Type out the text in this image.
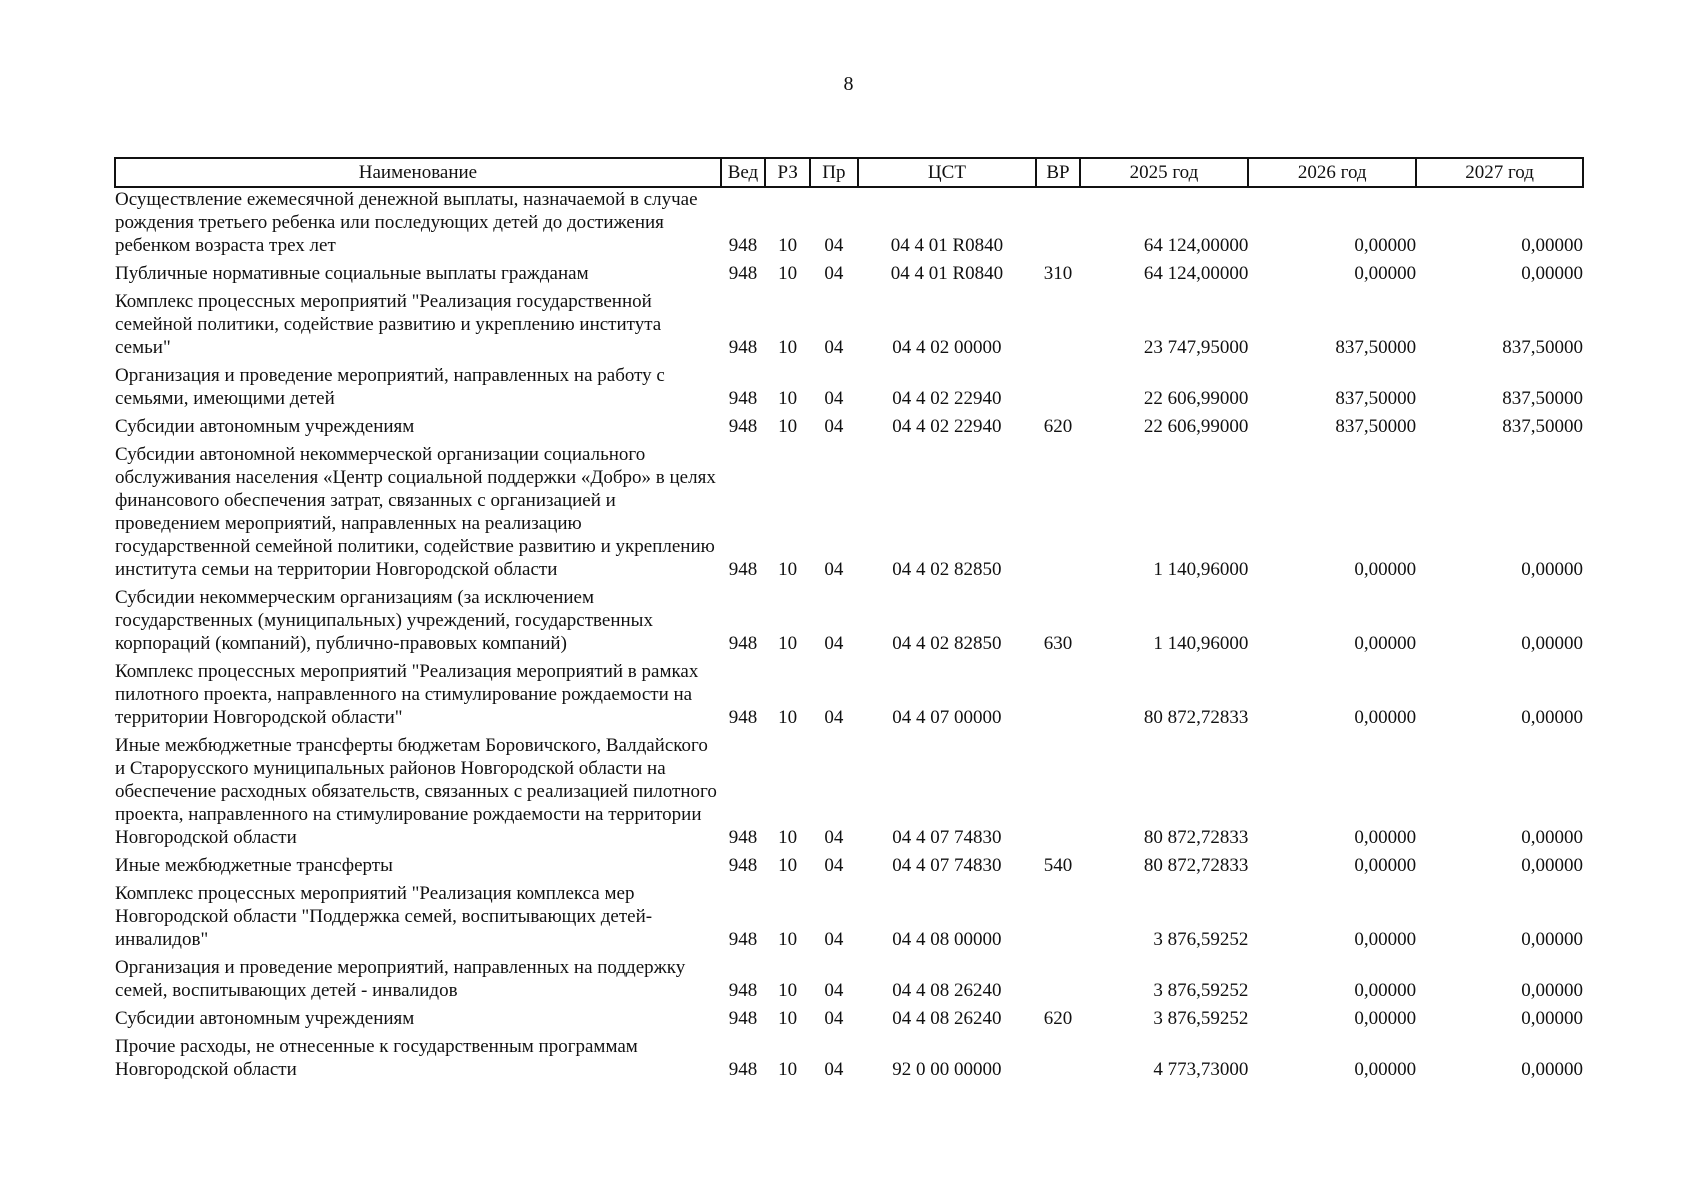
8
Наименование	Вед	РЗ	Пр	ЦСТ	ВР	2025 год	2026 год	2027 год
Осуществление ежемесячной денежной выплаты, назначаемой в случае рождения третьего ребенка или последующих детей до достижения ребенком возраста трех лет	948	10	04	04 4 01 R0840		64 124,00000	0,00000	0,00000
Публичные нормативные социальные выплаты гражданам	948	10	04	04 4 01 R0840	310	64 124,00000	0,00000	0,00000
Комплекс процессных мероприятий "Реализация государственной семейной политики, содействие развитию и укреплению института семьи"	948	10	04	04 4 02 00000		23 747,95000	837,50000	837,50000
Организация и проведение мероприятий, направленных на работу с семьями, имеющими детей	948	10	04	04 4 02 22940		22 606,99000	837,50000	837,50000
Субсидии автономным учреждениям	948	10	04	04 4 02 22940	620	22 606,99000	837,50000	837,50000
Субсидии автономной некоммерческой организации социального обслуживания населения «Центр социальной поддержки «Добро» в целях финансового обеспечения затрат, связанных с организацией и проведением мероприятий, направленных на реализацию государственной семейной политики, содействие развитию и укреплению института семьи на территории Новгородской области	948	10	04	04 4 02 82850		1 140,96000	0,00000	0,00000
Субсидии некоммерческим организациям (за исключением государственных (муниципальных) учреждений, государственных корпораций (компаний), публично-правовых компаний)	948	10	04	04 4 02 82850	630	1 140,96000	0,00000	0,00000
Комплекс процессных мероприятий "Реализация мероприятий в рамках пилотного проекта, направленного на стимулирование рождаемости на территории Новгородской области"	948	10	04	04 4 07 00000		80 872,72833	0,00000	0,00000
Иные межбюджетные трансферты бюджетам Боровичского, Валдайского и Старорусского муниципальных районов Новгородской области на обеспечение расходных обязательств, связанных с реализацией пилотного проекта, направленного на стимулирование рождаемости на территории Новгородской области	948	10	04	04 4 07 74830		80 872,72833	0,00000	0,00000
Иные межбюджетные трансферты	948	10	04	04 4 07 74830	540	80 872,72833	0,00000	0,00000
Комплекс процессных мероприятий "Реализация комплекса мер Новгородской области "Поддержка семей, воспитывающих детей-инвалидов"	948	10	04	04 4 08 00000		3 876,59252	0,00000	0,00000
Организация и проведение мероприятий, направленных на поддержку семей, воспитывающих детей - инвалидов	948	10	04	04 4 08 26240		3 876,59252	0,00000	0,00000
Субсидии автономным учреждениям	948	10	04	04 4 08 26240	620	3 876,59252	0,00000	0,00000
Прочие расходы, не отнесенные к государственным программам Новгородской области	948	10	04	92 0 00 00000		4 773,73000	0,00000	0,00000
